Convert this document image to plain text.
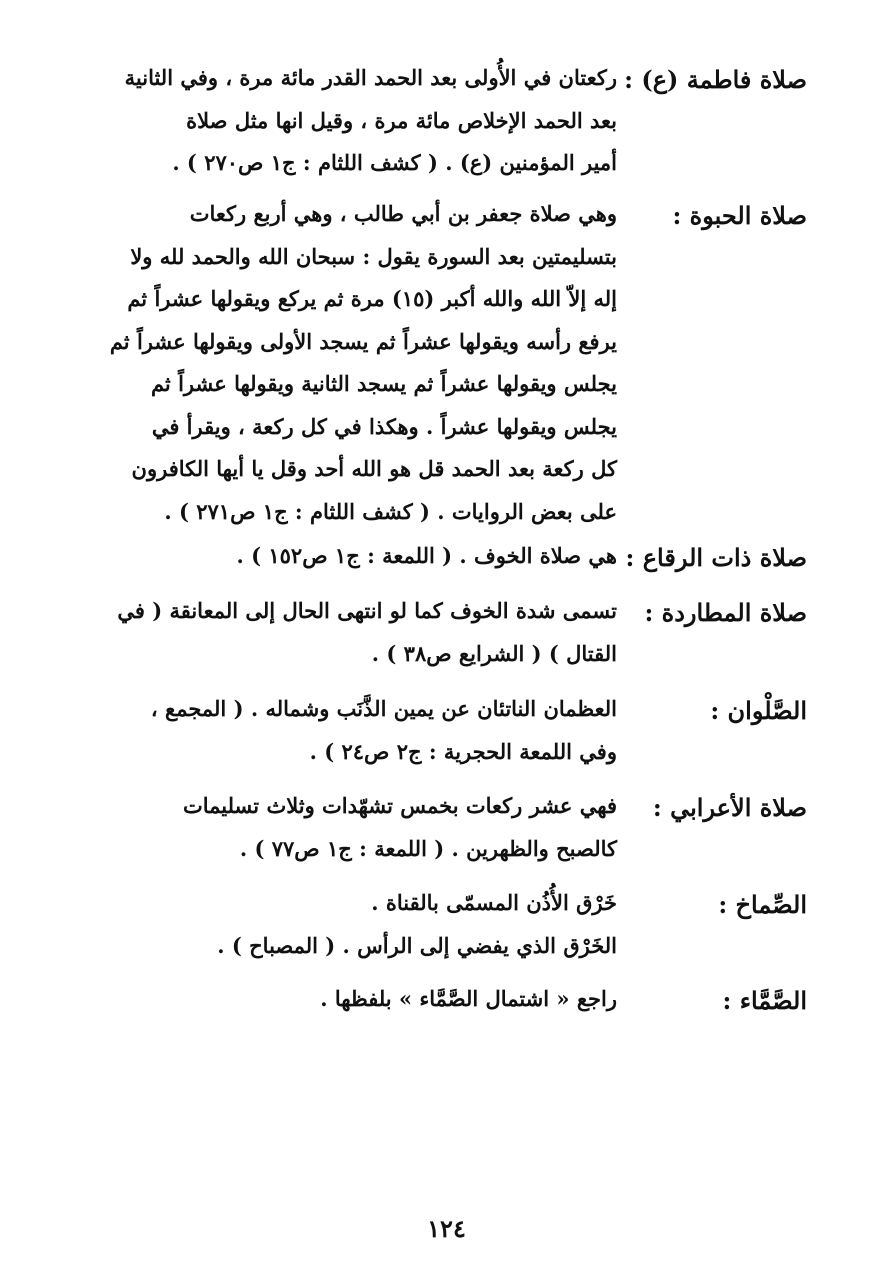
صلاة فاطمة (ع) :
ركعتان في الأُولى بعد الحمد القدر مائة مرة ، وفي الثانية
بعد الحمد الإخلاص مائة مرة ، وقيل انها مثل صلاة
أمير المؤمنين (ع) . ( كشف اللثام : ج١ ص٢٧٠ ) .
صلاة الحبوة :
وهي صلاة جعفر بن أبي طالب ، وهي أربع ركعات
بتسليمتين بعد السورة يقول : سبحان الله والحمد لله ولا
إله إلاّ الله والله أكبر (١٥) مرة ثم يركع ويقولها عشراً ثم
يرفع رأسه ويقولها عشراً ثم يسجد الأولى ويقولها عشراً ثم
يجلس ويقولها عشراً ثم يسجد الثانية ويقولها عشراً ثم
يجلس ويقولها عشراً . وهكذا في كل ركعة ، ويقرأ في
كل ركعة بعد الحمد قل هو الله أحد وقل يا أيها الكافرون
على بعض الروايات . ( كشف اللثام : ج١ ص٢٧١ ) .
صلاة ذات الرقاع :
هي صلاة الخوف . ( اللمعة : ج١ ص١٥٢ ) .
صلاة المطاردة :
تسمى شدة الخوف كما لو انتهى الحال إلى المعانقة ( في
القتال ) ( الشرايع ص٣٨ ) .
الصَّلْوان :
العظمان الناتئان عن يمين الذَّنَب وشماله . ( المجمع ،
وفي اللمعة الحجرية : ج٢ ص٢٤ ) .
صلاة الأعرابي :
فهي عشر ركعات بخمس تشهّدات وثلاث تسليمات
كالصبح والظهرين . ( اللمعة : ج١ ص٧٧ ) .
الصِّماخ :
خَرْق الأُذُن المسمّى بالقناة .
الخَرْق الذي يفضي إلى الرأس . ( المصباح ) .
الصَّمَّاء :
راجع « اشتمال الصَّمَّاء » بلفظها .
١٢٤
